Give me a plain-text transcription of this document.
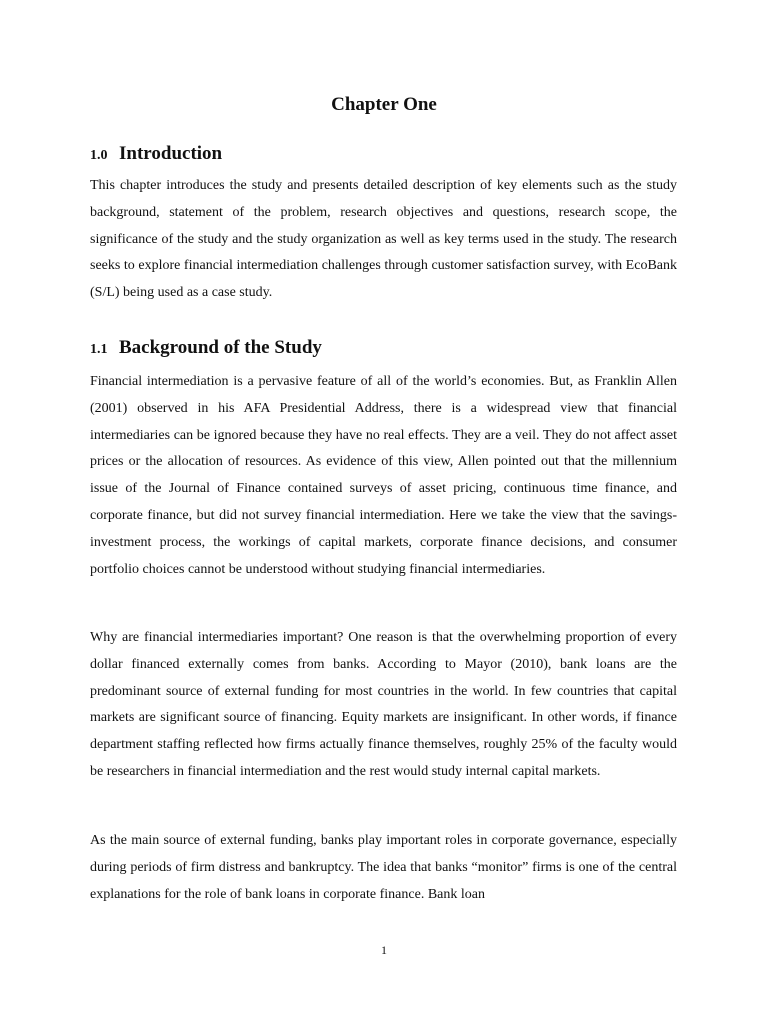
Chapter One
1.0 Introduction

This chapter introduces the study and presents detailed description of key elements such as the study background, statement of the problem, research objectives and questions, research scope, the significance of the study and the study organization as well as key terms used in the study. The research seeks to explore financial intermediation challenges through customer satisfaction survey, with EcoBank (S/L) being used as a case study.

1.1 Background of the Study

Financial intermediation is a pervasive feature of all of the world’s economies. But, as Franklin Allen (2001) observed in his AFA Presidential Address, there is a widespread view that financial intermediaries can be ignored because they have no real effects. They are a veil. They do not affect asset prices or the allocation of resources. As evidence of this view, Allen pointed out that the millennium issue of the Journal of Finance contained surveys of asset pricing, continuous time finance, and corporate finance, but did not survey financial intermediation. Here we take the view that the savings-investment process, the workings of capital markets, corporate finance decisions, and consumer portfolio choices cannot be understood without studying financial intermediaries.

Why are financial intermediaries important? One reason is that the overwhelming proportion of every dollar financed externally comes from banks. According to Mayor (2010), bank loans are the predominant source of external funding for most countries in the world. In few countries that capital markets are significant source of financing. Equity markets are insignificant. In other words, if finance department staffing reflected how firms actually finance themselves, roughly 25% of the faculty would be researchers in financial intermediation and the rest would study internal capital markets.

As the main source of external funding, banks play important roles in corporate governance, especially during periods of firm distress and bankruptcy. The idea that banks “monitor” firms is one of the central explanations for the role of bank loans in corporate finance. Bank loan

1
